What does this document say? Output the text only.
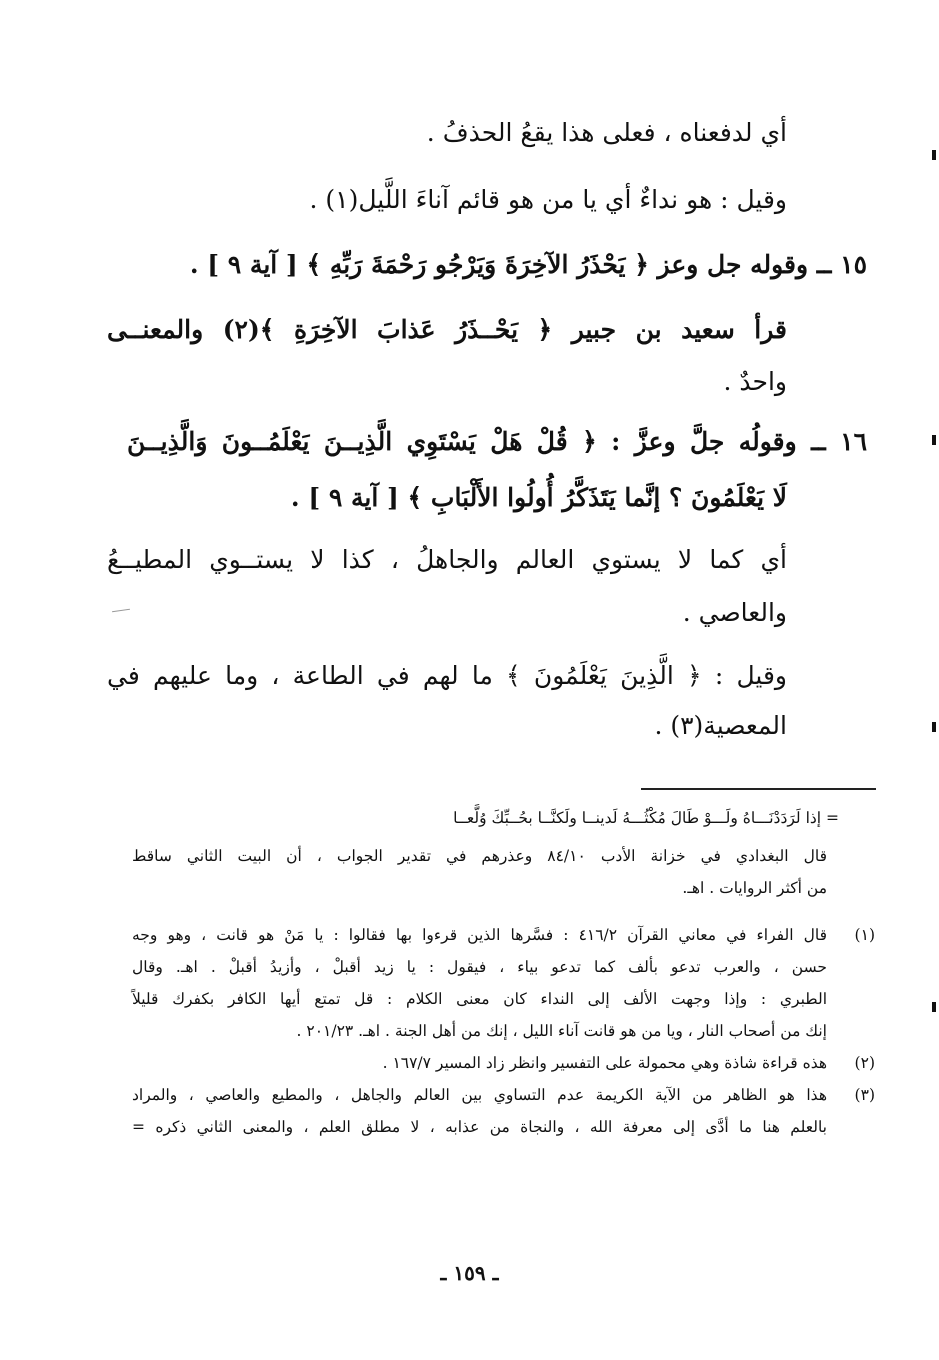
أي لدفعناه ، فعلى هذا يقعُ الحذفُ .
وقيل : هو نداءٌ أي يا من هو قائم آناءَ اللَّيل(١) .
١٥ ــ وقوله جل وعز ﴿ يَحْذَرُ الآخِرَةَ وَيَرْجُو رَحْمَةَ رَبِّهِ ﴾ [ آية ٩ ] .
قرأ سعيد بن جبير ﴿ يَحْــذَرُ عَذابَ الآخِرَةِ ﴾(٢) والمعنــى
واحدٌ .
١٦ ــ وقولُه جلَّ وعزَّ : ﴿ قُلْ هَلْ يَسْتَوِي الَّذِيــنَ يَعْلَمُــونَ وَالَّذِيــنَ
لَا يَعْلَمُونَ ؟ إنَّما يَتَذَكَّرُ أُولُوا الأَلْبَابِ ﴾ [ آية ٩ ] .
أي كما لا يستوي العالم والجاهلُ ، كذا لا يستــوي المطيــعُ
والعاصي .
وقيل : ﴿ الَّذِينَ يَعْلَمُونَ ﴾ ما لهم في الطاعة ، وما عليهم في
المعصية(٣) .
= إذا لَرَدَدْنَـــاهُ ولَـــوْ طَالَ مُكْثُـــهُ لَدينــا ولَكنَّــا بحُــبِّكَ وُلَّعــا
قال البغدادي في خزانة الأدب ٨٤/١٠ وعذرهم في تقدير الجواب ، أن البيت الثاني ساقط
من أكثر الروايات . اهـ.
(١)
قال الفراء في معاني القرآن ٤١٦/٢ : فسَّرها الذين قرءوا بها فقالوا : يا مَنْ هو قانت ، وهو وجه
حسن ، والعرب تدعو بألف كما تدعو بياء ، فيقول : يا زيد أقبلْ ، وأزيدُ أقبلْ . اهـ. وقال
الطبري : وإذا وجهت الألف إلى النداء كان معنى الكلام : قل تمتع أيها الكافر بكفرك قليلاً
إنك من أصحاب النار ، ويا من هو قانت آناء الليل ، إنك من أهل الجنة . اهـ. ٢٠١/٢٣ .
(٢)
هذه قراءة شاذة وهي محمولة على التفسير وانظر زاد المسير ١٦٧/٧ .
(٣)
هذا هو الظاهر من الآية الكريمة عدم التساوي بين العالم والجاهل ، والمطيع والعاصي ، والمراد
بالعلم هنا ما أدَّى إلى معرفة الله ، والنجاة من عذابه ، لا مطلق العلم ، والمعنى الثاني ذكره =
ـ ١٥٩ ـ
